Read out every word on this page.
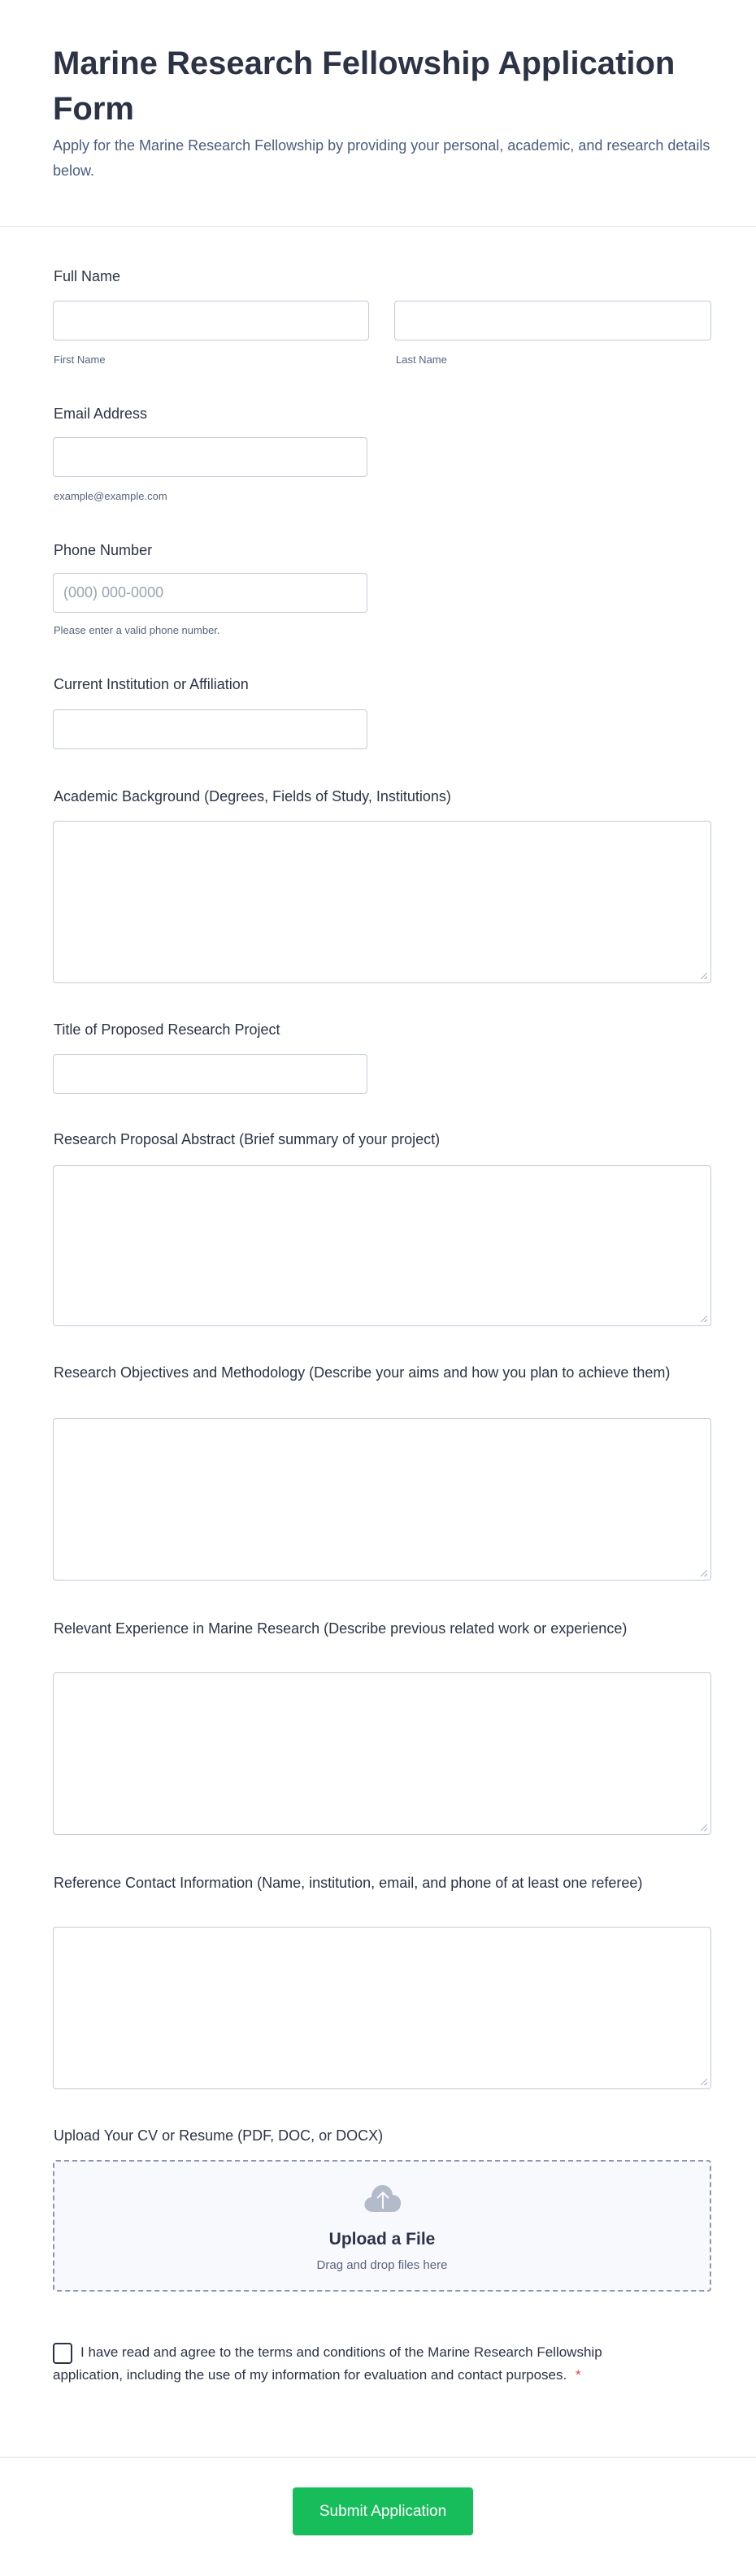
Marine Research Fellowship Application Form

Apply for the Marine Research Fellowship by providing your personal, academic, and research details below.

Full Name
First Name	Last Name
Email Address
example@example.com
Phone Number
(000) 000-0000
Please enter a valid phone number.
Current Institution or Affiliation
Academic Background (Degrees, Fields of Study, Institutions)
Title of Proposed Research Project
Research Proposal Abstract (Brief summary of your project)
Research Objectives and Methodology (Describe your aims and how you plan to achieve them)
Relevant Experience in Marine Research (Describe previous related work or experience)
Reference Contact Information (Name, institution, email, and phone of at least one referee)
Upload Your CV or Resume (PDF, DOC, or DOCX)
Upload a File
Drag and drop files here
I have read and agree to the terms and conditions of the Marine Research Fellowship application, including the use of my information for evaluation and contact purposes. *
Submit Application
